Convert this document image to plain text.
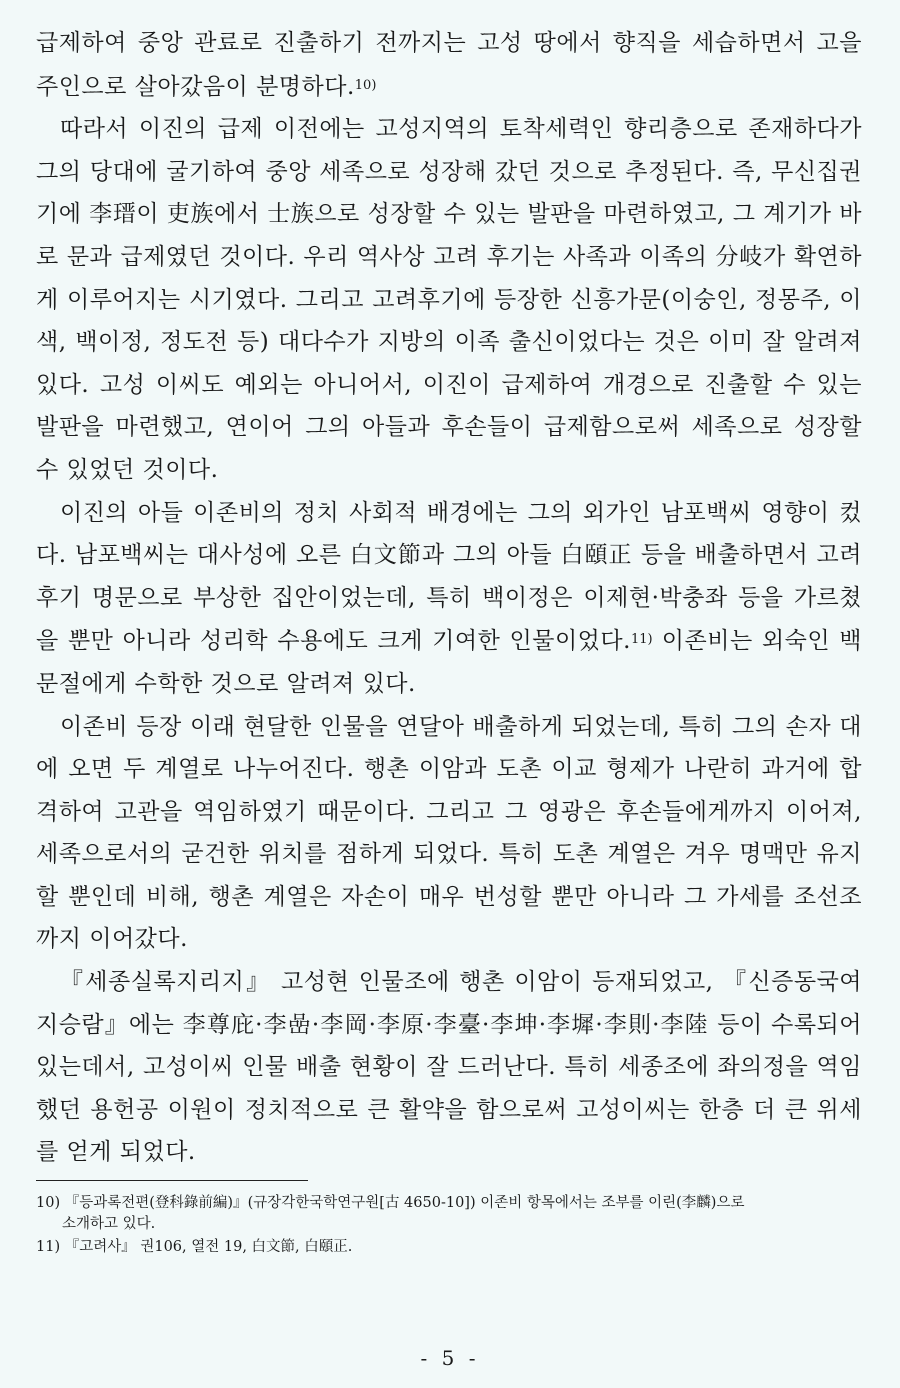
급제하여 중앙 관료로 진출하기 전까지는 고성 땅에서 향직을 세습하면서 고을 주인으로 살아갔음이 분명하다.$^{10)}$

따라서 이진의 급제 이전에는 고성지역의 토착세력인 향리층으로 존재하다가 그의 당대에 굴기하여 중앙 세족으로 성장해 갔던 것으로 추정된다. 즉, 무신집권기에 李瑨이 吏族에서 士族으로 성장할 수 있는 발판을 마련하였고, 그 계기가 바로 문과 급제였던 것이다. 우리 역사상 고려 후기는 사족과 이족의 分岐가 확연하게 이루어지는 시기였다. 그리고 고려후기에 등장한 신흥가문(이숭인, 정몽주, 이색, 백이정, 정도전 등) 대다수가 지방의 이족 출신이었다는 것은 이미 잘 알려져 있다. 고성 이씨도 예외는 아니어서, 이진이 급제하여 개경으로 진출할 수 있는 발판을 마련했고, 연이어 그의 아들과 후손들이 급제함으로써 세족으로 성장할 수 있었던 것이다.

이진의 아들 이존비의 정치 사회적 배경에는 그의 외가인 남포백씨 영향이 컸다. 남포백씨는 대사성에 오른 白文節과 그의 아들 白頤正 등을 배출하면서 고려후기 명문으로 부상한 집안이었는데, 특히 백이정은 이제현·박충좌 등을 가르쳤을 뿐만 아니라 성리학 수용에도 크게 기여한 인물이었다.$^{11)}$ 이존비는 외숙인 백문절에게 수학한 것으로 알려져 있다.

이존비 등장 이래 현달한 인물을 연달아 배출하게 되었는데, 특히 그의 손자 대에 오면 두 계열로 나누어진다. 행촌 이암과 도촌 이교 형제가 나란히 과거에 합격하여 고관을 역임하였기 때문이다. 그리고 그 영광은 후손들에게까지 이어져, 세족으로서의 굳건한 위치를 점하게 되었다. 특히 도촌 계열은 겨우 명맥만 유지할 뿐인데 비해, 행촌 계열은 자손이 매우 번성할 뿐만 아니라 그 가세를 조선조까지 이어갔다.

『세종실록지리지』 고성현 인물조에 행촌 이암이 등재되었고, 『신증동국여지승람』에는 李尊庇·李嵒·李岡·李原·李臺·李坤·李墀·李則·李陸 등이 수록되어 있는데서, 고성이씨 인물 배출 현황이 잘 드러난다. 특히 세종조에 좌의정을 역임했던 용헌공 이원이 정치적으로 큰 활약을 함으로써 고성이씨는 한층 더 큰 위세를 얻게 되었다.

10) 『등과록전편(登科錄前編)』(규장각한국학연구원[古 4650-10]) 이존비 항목에서는 조부를 이린(李麟)으로
소개하고 있다.
11) 『고려사』 권106, 열전 19, 白文節, 白頤正.
- 5 -
